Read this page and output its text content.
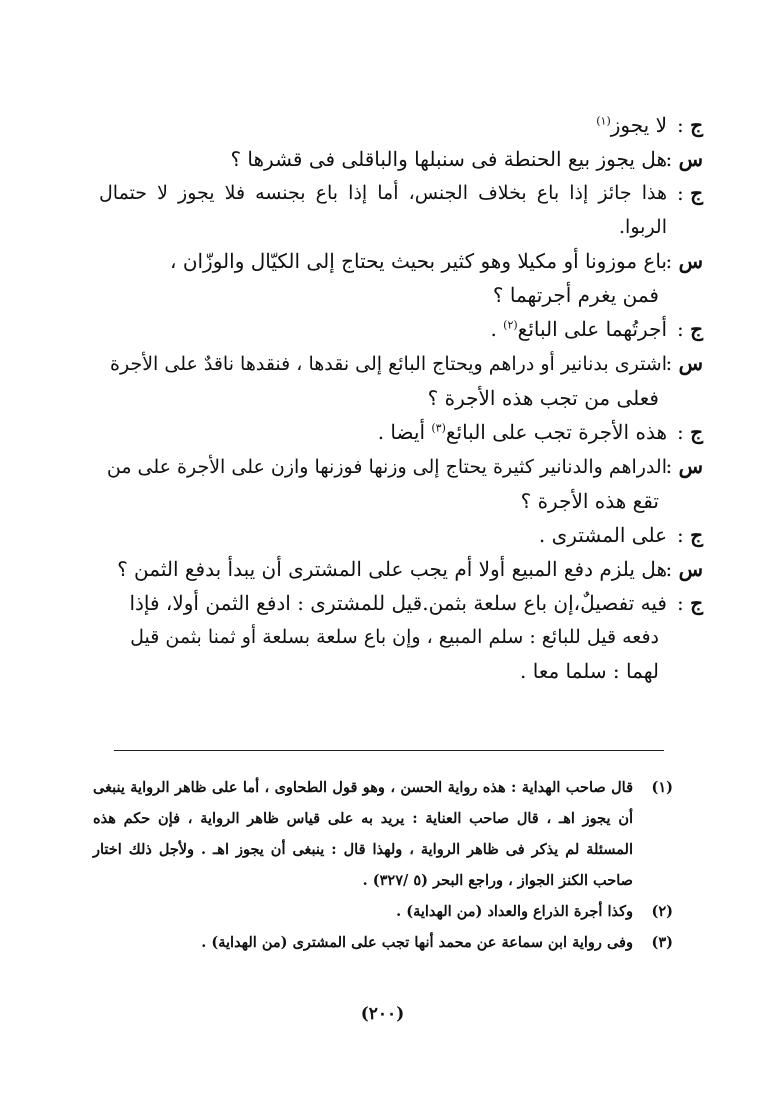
ج :
لا يجوز$^{(١)}$
س :
هل يجوز بيع الحنطة فى سنبلها والباقلى فى قشرها ؟
ج :
هذا جائز إذا باع بخلاف الجنس، أما إذا باع بجنسه فلا يجوز لا حتمال الربوا.
س :
باع موزونا أو مكيلا وهو كثير بحيث يحتاج إلى الكيّال والوزّان ،
فمن يغرم أجرتهما ؟
ج :
أجرتُهما على البائع$^{(٢)}$ .
س :
اشترى بدنانير أو دراهم ويحتاج البائع إلى نقدها ، فنقدها ناقدٌ على الأجرة
فعلى من تجب هذه الأجرة ؟
ج :
هذه الأجرة تجب على البائع$^{(٣)}$ أيضا .
س :
الدراهم والدنانير كثيرة يحتاج إلى وزنها فوزنها وازن على الأجرة على من
تقع هذه الأجرة ؟
ج :
على المشترى .
س :
هل يلزم دفع المبيع أولا أم يجب على المشترى أن يبدأ بدفع الثمن ؟
ج :
فيه تفصيلٌ،إن باع سلعة بثمن.قيل للمشترى : ادفع الثمن أولا، فإذا
دفعه قيل للبائع : سلم المبيع ، وإن باع سلعة بسلعة أو ثمنا بثمن قيل
لهما : سلما معا .
(١)
قال صاحب الهداية : هذه رواية الحسن ، وهو قول الطحاوى ، أما على ظاهر الرواية ينبغى أن يجوز اهـ ، قال صاحب العناية : يريد به على قياس ظاهر الرواية ، فإن حكم هذه المسئلة لم يذكر فى ظاهر الرواية ، ولهذا قال : ينبغى أن يجوز اهـ . ولأجل ذلك اختار صاحب الكنز الجواز ، وراجع البحر (٥ /٣٢٧) .
(٢)
وكذا أجرة الذراع والعداد (من الهداية) .
(٣)
وفى رواية ابن سماعة عن محمد أنها تجب على المشترى (من الهداية) .
(٢٠٠)
